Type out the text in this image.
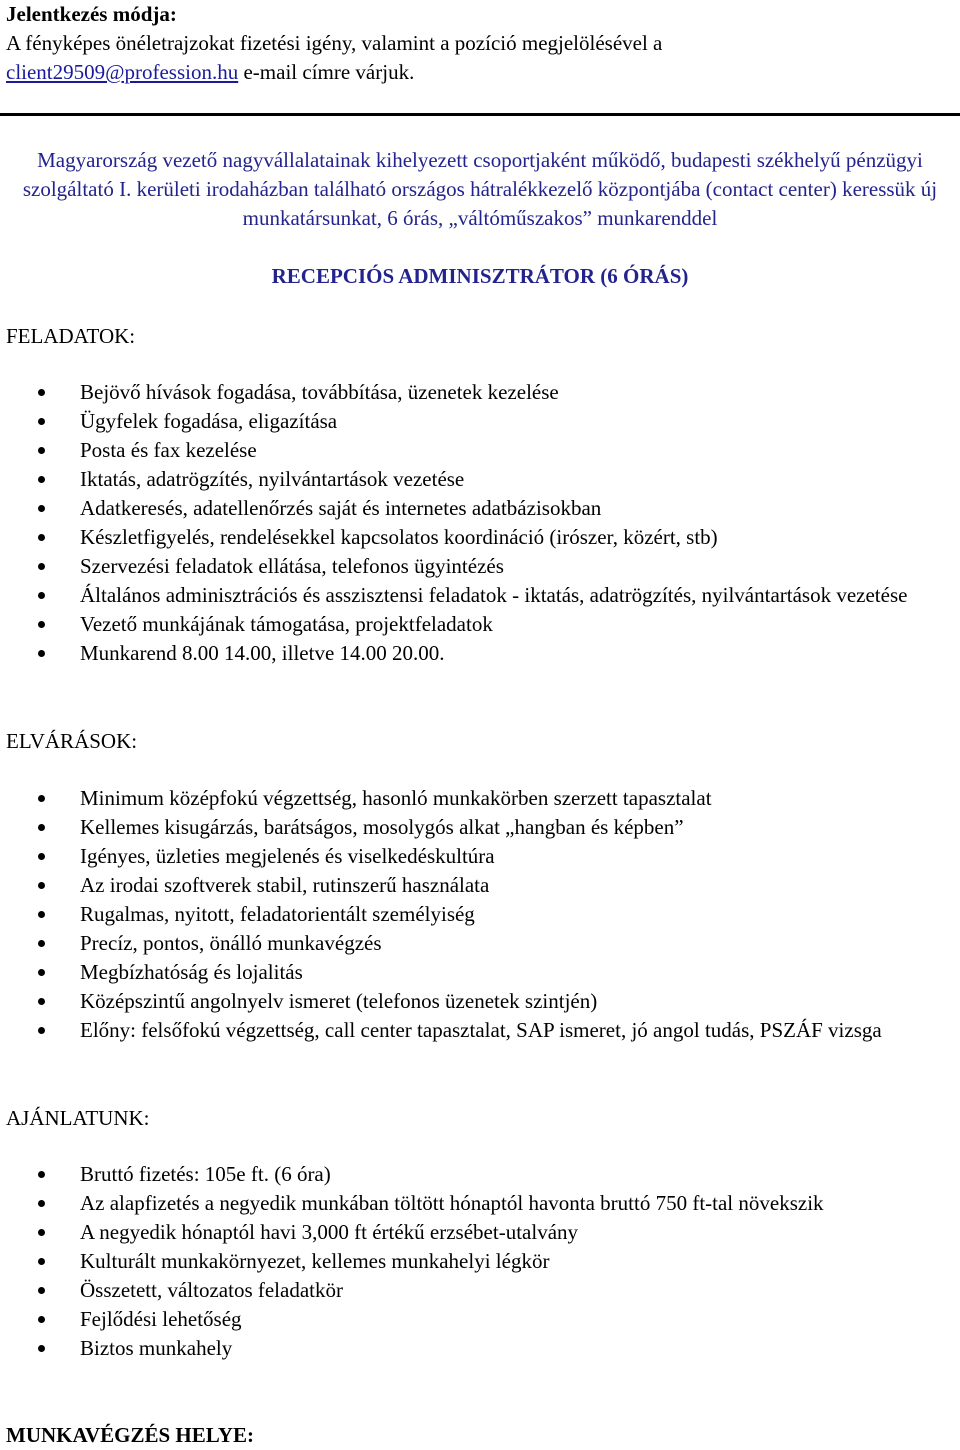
Jelentkezés módja:
A fényképes önéletrajzokat fizetési igény, valamint a pozíció megjelölésével a
client29509@profession.hu e-mail címre várjuk.
Magyarország vezető nagyvállalatainak kihelyezett csoportjaként működő, budapesti székhelyű pénzügyi szolgáltató I. kerületi irodaházban található országos hátralékkezelő központjába (contact center) keressük új munkatársunkat, 6 órás, „váltóműszakos” munkarenddel
RECEPCIÓS ADMINISZTRÁTOR (6 ÓRÁS)
FELADATOK:
Bejövő hívások fogadása, továbbítása, üzenetek kezelése
Ügyfelek fogadása, eligazítása
Posta és fax kezelése
Iktatás, adatrögzítés, nyilvántartások vezetése
Adatkeresés, adatellenőrzés saját és internetes adatbázisokban
Készletfigyelés, rendelésekkel kapcsolatos koordináció (irószer, közért, stb)
Szervezési feladatok ellátása, telefonos ügyintézés
Általános adminisztrációs és asszisztensi feladatok - iktatás, adatrögzítés, nyilvántartások vezetése
Vezető munkájának támogatása, projektfeladatok
Munkarend 8.00 14.00, illetve 14.00 20.00.
ELVÁRÁSOK:
Minimum középfokú végzettség, hasonló munkakörben szerzett tapasztalat
Kellemes kisugárzás, barátságos, mosolygós alkat „hangban és képben”
Igényes, üzleties megjelenés és viselkedéskultúra
Az irodai szoftverek stabil, rutinszerű használata
Rugalmas, nyitott, feladatorientált személyiség
Precíz, pontos, önálló munkavégzés
Megbízhatóság és lojalitás
Középszintű angolnyelv ismeret (telefonos üzenetek szintjén)
Előny: felsőfokú végzettség, call center tapasztalat, SAP ismeret, jó angol tudás, PSZÁF vizsga
AJÁNLATUNK:
Bruttó fizetés: 105e ft. (6 óra)
Az alapfizetés a negyedik munkában töltött hónaptól havonta bruttó 750 ft-tal növekszik
A negyedik hónaptól havi 3,000 ft értékű erzsébet-utalvány
Kulturált munkakörnyezet, kellemes munkahelyi légkör
Összetett, változatos feladatkör
Fejlődési lehetőség
Biztos munkahely
MUNKAVÉGZÉS HELYE:
